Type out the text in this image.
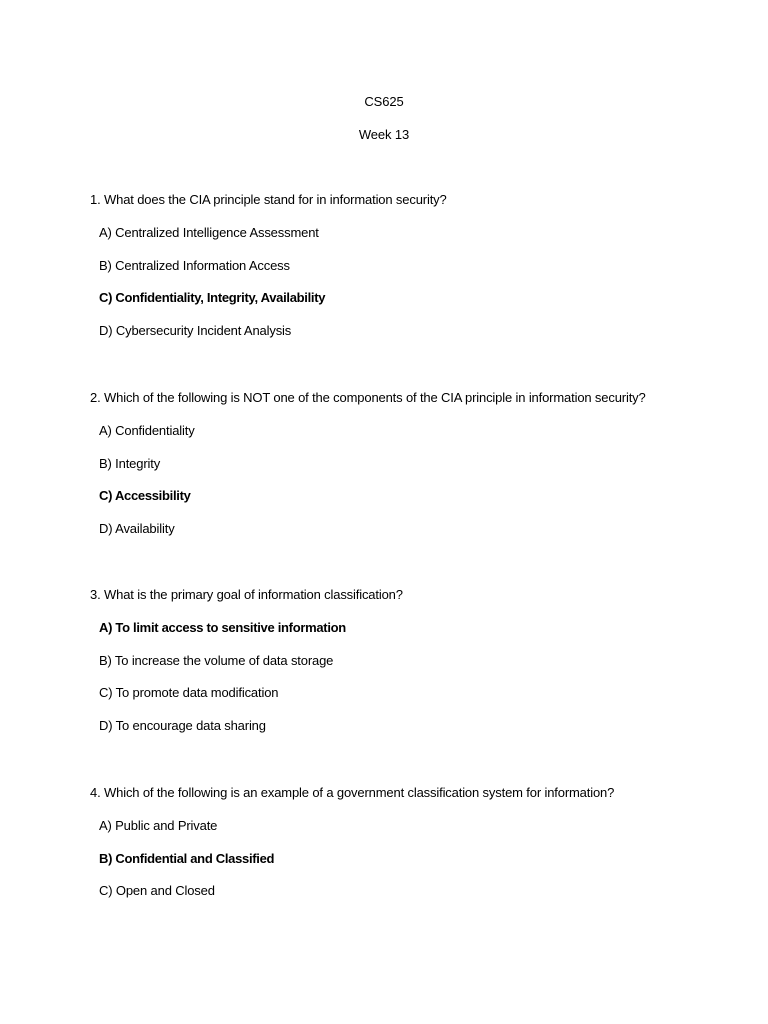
CS625
Week 13
1. What does the CIA principle stand for in information security?
A) Centralized Intelligence Assessment
B) Centralized Information Access
C) Confidentiality, Integrity, Availability
D) Cybersecurity Incident Analysis
2. Which of the following is NOT one of the components of the CIA principle in information security?
A) Confidentiality
B) Integrity
C) Accessibility
D) Availability
3. What is the primary goal of information classification?
A) To limit access to sensitive information
B) To increase the volume of data storage
C) To promote data modification
D) To encourage data sharing
4. Which of the following is an example of a government classification system for information?
A) Public and Private
B) Confidential and Classified
C) Open and Closed
